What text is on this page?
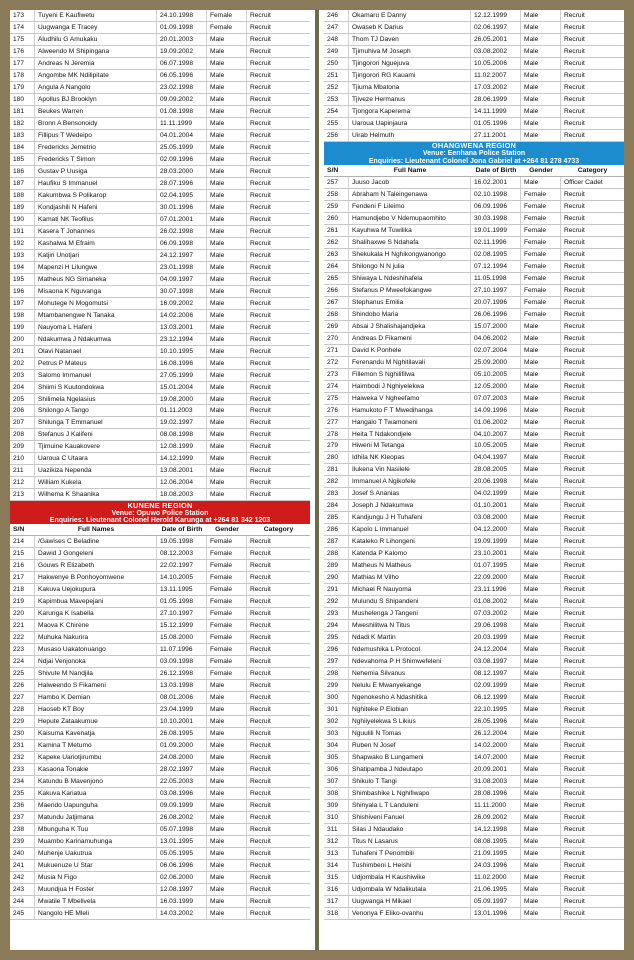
173	Tuyeni E Kaufiwetu	24.10.1998	Female	Recruit
174	Uugwanga E Tracey	01.09.1998	Female	Recruit
175	Aludhilu G Amukaku	20.01.2003	Male	Recruit
176	Alweendo M Shipingana	19.09.2002	Male	Recruit
177	Andreas N Jeremia	06.07.1998	Male	Recruit
178	Angombe MK Ndilipitate	06.05.1996	Male	Recruit
179	Angula A Nangolo	23.02.1998	Male	Recruit
180	Apollus BJ Brooklyn	09.09.2002	Male	Recruit
181	Beukes Warren	01.08.1998	Male	Recruit
182	Bronn A Bensonoidy	11.11.1999	Male	Recruit
183	Fillipus T Wedeipo	04.01.2004	Male	Recruit
184	Fredericks Jemetrio	25.05.1999	Male	Recruit
185	Fredericks T Simon	02.09.1996	Male	Recruit
186	Gustav P Uusiga	28.03.2000	Male	Recruit
187	Haufiku S Immanuel	28.07.1996	Male	Recruit
188	Kakumbwa S Polikarop	02.04.1995	Male	Recruit
189	Kondjashili N Hafeni	30.01.1996	Male	Recruit
190	Kamati NK Teofilus	07.01.2001	Male	Recruit
191	Kasera T Johannes	26.02.1998	Male	Recruit
192	Kashalwa M Efraim	06.09.1998	Male	Recruit
193	Katjiri Unotjari	24.12.1997	Male	Recruit
194	Mapenzi H Lilungwe	23.01.1998	Male	Recruit
195	Matheus NG Simaneka	04.09.1997	Male	Recruit
196	Misaona K Nguvanga	30.07.1998	Male	Recruit
197	Mohutege N Mogomutsi	16.09.2002	Male	Recruit
198	Mtambanengwe N Tanaka	14.02.2006	Male	Recruit
199	Nauyoma L Hafeni	13.03.2001	Male	Recruit
200	Ndakumwa J Ndakumwa	23.12.1994	Male	Recruit
201	Olavi Natanael	10.10.1995	Male	Recruit
202	Petrus P Mateus	16.08.1996	Male	Recruit
203	Salomo Immanuel	27.05.1999	Male	Recruit
204	Shiimi S Kuutondokwa	15.01.2004	Male	Recruit
205	Shilimela Ngelasius	19.08.2000	Male	Recruit
206	Shilongo A Tango	01.11.2003	Male	Recruit
207	Shilunga T Emmanuel	19.02.1997	Male	Recruit
208	Stefanus J Kalifeni	08.08.1998	Male	Recruit
209	Tjimuine Kauakovere	12.08.1999	Male	Recruit
210	Uaroua C Utaara	14.12.1999	Male	Recruit
211	Uazikiza Nependa	13.08.2001	Male	Recruit
212	William Kukela	12.06.2004	Male	Recruit
213	Wilhema K Shaanika	18.08.2003	Male	Recruit
KUNENE REGION
Venue: Opuwo Police Station
Enquiries: Lieutenant Colonel Herold Karunga at +264 81 342 1203
S/N	Full Names	Date of Birth	Gender	Category
214	/Gawises C Beladine	19.05.1998	Female	Recruit
215	Dawid J Gongeleni	08.12.2003	Female	Recruit
216	Gouws R Elizabeth	22.02.1997	Female	Recruit
217	Hakwenye B Ponhoyomwene	14.10.2005	Female	Recruit
218	Kakuva Uejokupura	13.11.1995	Female	Recruit
219	Kapimbua Mavepejani	01.05.1998	Female	Recruit
220	Karunga K Isabella	27.10.1997	Female	Recruit
221	Maova K Chirene	15.12.1999	Female	Recruit
222	Muhuka Nakurira	15.08.2000	Female	Recruit
223	Musaso Uakatonuango	11.07.1996	Female	Recruit
224	Ndjai Venjonoka	03.09.1998	Female	Recruit
225	Shivute M Nandjila	26.12.1998	Female	Recruit
226	Halweendo S Fikameni	13.03.1998	Male	Recruit
227	Hambo K Demian	08.01.2006	Male	Recruit
228	Haoseb KT Boy	23.04.1999	Male	Recruit
229	Hepute Zataakumue	10.10.2001	Male	Recruit
230	Kaisuma Kavenatja	26.08.1995	Male	Recruit
231	Kamina T Metumo	01.09.2000	Male	Recruit
232	Kapeke Uariotjirumbu	24.08.2000	Male	Recruit
233	Kasaona Tonakie	28.02.1997	Male	Recruit
234	Katundu B Mavenjono	22.05.2003	Male	Recruit
235	Kakuva Kariatua	03.08.1996	Male	Recruit
236	Maendo Uapunguha	09.09.1999	Male	Recruit
237	Matundu Jatjimana	26.08.2002	Male	Recruit
238	Mbunguha K Tuu	05.07.1998	Male	Recruit
239	Muambo Karinamuhunga	13.01.1995	Male	Recruit
240	Muhenje Uakutrua	05.05.1995	Male	Recruit
241	Mukuenuze U Star	06.06.1996	Male	Recruit
242	Musia N Figo	02.06.2000	Male	Recruit
243	Muundjua H Foster	12.08.1997	Male	Recruit
244	Mwatile T Mbelivela	16.03.1999	Male	Recruit
245	Nangolo HE Mleli	14.03.2002	Male	Recruit
246	Okamaru E Danny	12.12.1999	Male	Recruit
247	Owaseb K Darius	02.06.1997	Male	Recruit
248	Thom TJ Daven	26.05.2001	Male	Recruit
249	Tjimuhiva M Joseph	03.08.2002	Male	Recruit
250	Tjingorori Nguejuva	10.05.2006	Male	Recruit
251	Tjingorori RG Kauami	11.02.2007	Male	Recruit
252	Tjiuma Mbatona	17.03.2002	Male	Recruit
253	Tjiveze Hermanus	28.06.1999	Male	Recruit
254	Tjongora Kaperema	14.11.1999	Male	Recruit
255	Uaroua Uapinjaura	01.05.1996	Male	Recruit
256	Uirab Helmuth	27.11.2001	Male	Recruit
OHANGWENA REGION
Venue: Eenhana Police Station
Enquiries: Lieutenant Colonel Jona Gabriel at +264 81 278 4733
S/N	Full Name	Date of Birth	Gender	Category
257	Juuso Jacob	16.02.2001	Male	Officer Cadet
258	Abraham N Taleingenawa	02.10.1998	Female	Recruit
259	Fendeni F Lileimo	06.09.1996	Female	Recruit
260	Hamundjebo V Ndemupaomhito	30.03.1998	Female	Recruit
261	Kayuhwa M Tuwilika	19.01.1999	Female	Recruit
262	Shalihaxwe S Ndahafa	02.11.1996	Female	Recruit
263	Shekukala H Nghikongwanongo	02.08.1995	Female	Recruit
264	Shilongo N N julia	07.12.1994	Female	Recruit
265	Shiwaya L Ndeshihafela	11.05.1998	Female	Recruit
266	Stefanus P Mweefokangwe	27.10.1997	Female	Recruit
267	Stephanus Emilia	20.07.1996	Female	Recruit
268	Shindobo Maria	26.06.1996	Female	Recruit
269	Absai J Shalishajandjeka	15.07.2000	Male	Recruit
270	Andreas D Fikameni	04.06.2002	Male	Recruit
271	David K Ponhele	02.07.2004	Male	Recruit
272	Ferenandu M Nghitilavali	25.09.2000	Male	Recruit
273	Fillemon S Nghilifilwa	05.10.2005	Male	Recruit
274	Haimbodi J Nghiyelekwa	12.05.2000	Male	Recruit
275	Haiweka V Ngheefamo	07.07.2003	Male	Recruit
276	Hamukoto F T Mwedihanga	14.09.1996	Male	Recruit
277	Hangalo T Twamoneni	01.06.2002	Male	Recruit
278	Heita T Ndakondjele	04.10.2007	Male	Recruit
279	Hiweni M Tetanga	10.05.2005	Male	Recruit
280	Idhila NK Kleopas	04.04.1997	Male	Recruit
281	Ilukena Vin Nasilele	28.08.2005	Male	Recruit
282	Immanuel A Ngikofele	20.06.1998	Male	Recruit
283	Josef S Ananias	04.02.1999	Male	Recruit
284	Joseph J Ndakumwa	01.10.2001	Male	Recruit
285	Kandjungu J H Tuhafeni	03.08.2000	Male	Recruit
286	Kapolo L Immanuel	04.12.2000	Male	Recruit
287	Kataleko R Lihongeni	19.09.1999	Male	Recruit
288	Katenda P Kalomo	23.10.2001	Male	Recruit
289	Matheus N Matheus	01.07.1995	Male	Recruit
290	Mathias M Vilho	22.09.2000	Male	Recruit
291	Michael R Nauyoma	23.11.1996	Male	Recruit
292	Mulundu S Shipandeni	01.08.2002	Male	Recruit
293	Mushelenga J Tangeni	07.03.2002	Male	Recruit
294	Mweshilitwa N Titus	29.06.1998	Male	Recruit
295	Ndadi K Martin	20.03.1999	Male	Recruit
296	Ndemushika L Protocol	24.12.2004	Male	Recruit
297	Ndevahoma P H Shimwefeleni	03.08.1997	Male	Recruit
298	Nehemia Silvanus	08.12.1997	Male	Recruit
299	Nelulu E Mwanyekange	02.09.1999	Male	Recruit
300	Ngenokesho A Ndashitika	06.12.1999	Male	Recruit
301	Nghiteke P Elobian	22.10.1995	Male	Recruit
302	Nghiiyelekwa S Likius	26.05.1996	Male	Recruit
303	Nguulili N Tomas	26.12.2004	Male	Recruit
304	Ruben N Josef	14.02.2000	Male	Recruit
305	Shapwako B Lungameni	14.07.2000	Male	Recruit
306	Shatipamba J Ndeutapo	20.09.2001	Male	Recruit
307	Shikulo T Tangi	31.08.2003	Male	Recruit
308	Shimbashike L Nghifiwapo	28.08.1996	Male	Recruit
309	Shinyala L T Landuleni	11.11.2000	Male	Recruit
310	Shishiveni Fanuel	26.09.2002	Male	Recruit
311	Silas J Ndaudako	14.12.1998	Male	Recruit
312	Titus N Lasarus	08.08.1995	Male	Recruit
313	Tuhafeni T Penombili	21.09.1995	Male	Recruit
314	Tushimbeni L Heishi	24.03.1996	Male	Recruit
315	Udjombala H Kaushiwike	11.02.2000	Male	Recruit
316	Udjombala W Ndalikutala	21.06.1995	Male	Recruit
317	Uugwanga H Mikael	05.09.1997	Male	Recruit
318	Venonya F Eliko-ovanhu	13.01.1996	Male	Recruit
